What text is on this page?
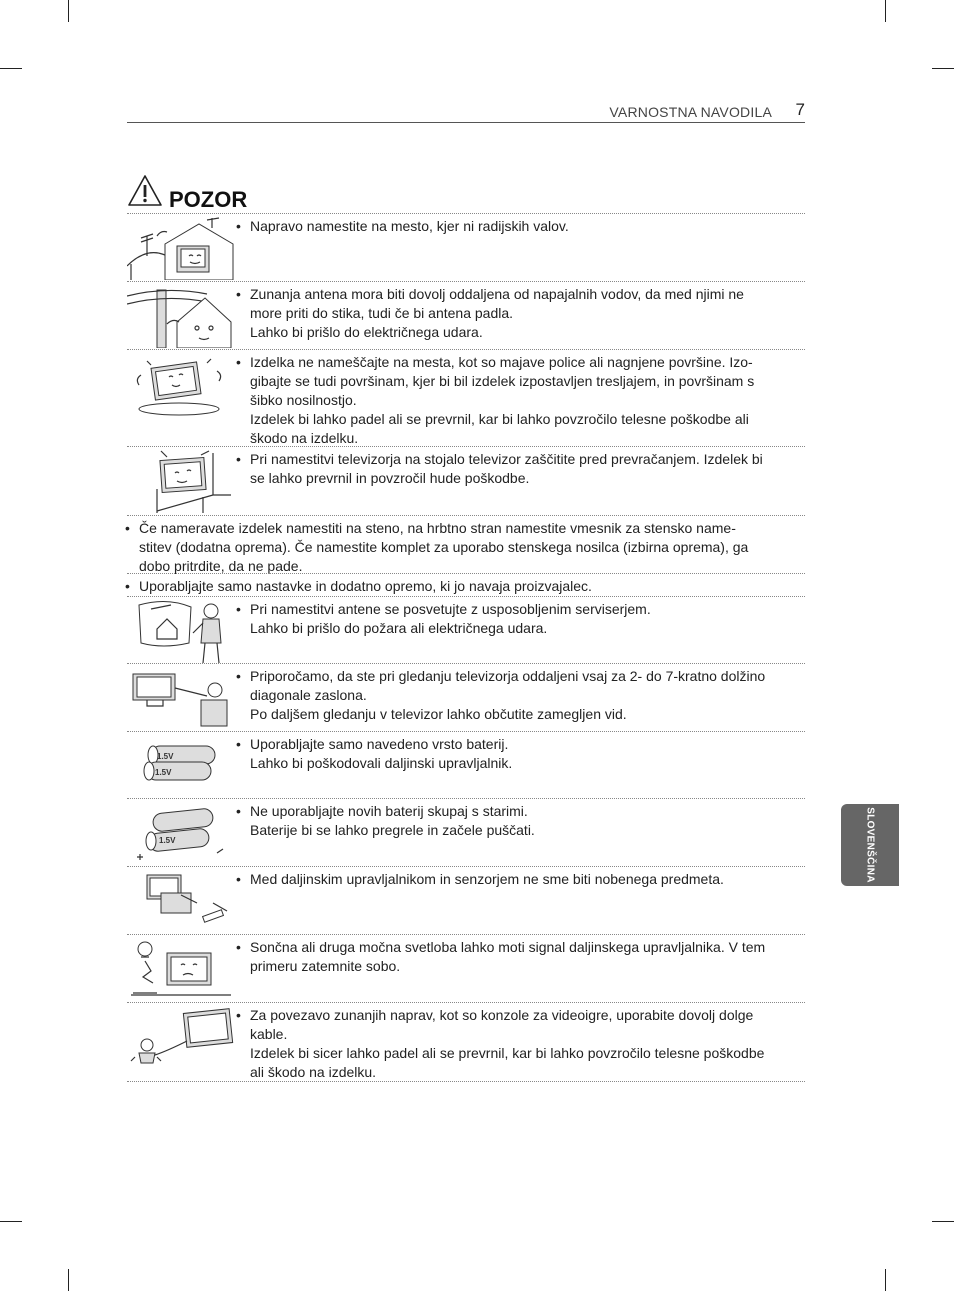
VARNOSTNA NAVODILA 7
POZOR
• Napravo namestite na mesto, kjer ni radijskih valov.
• Zunanja antena mora biti dovolj oddaljena od napajalnih vodov, da med njimi ne
more priti do stika, tudi če bi antena padla.
Lahko bi prišlo do električnega udara.
• Izdelka ne nameščajte na mesta, kot so majave police ali nagnjene površine. Izo-
gibajte se tudi površinam, kjer bi bil izdelek izpostavljen tresljajem, in površinam s
šibko nosilnostjo.
Izdelek bi lahko padel ali se prevrnil, kar bi lahko povzročilo telesne poškodbe ali
škodo na izdelku.
• Pri namestitvi televizorja na stojalo televizor zaščitite pred prevračanjem. Izdelek bi
se lahko prevrnil in povzročil hude poškodbe.
• Če nameravate izdelek namestiti na steno, na hrbtno stran namestite vmesnik za stensko name-
stitev (dodatna oprema). Če namestite komplet za uporabo stenskega nosilca (izbirna oprema), ga
dobo pritrdite, da ne pade.
• Uporabljajte samo nastavke in dodatno opremo, ki jo navaja proizvajalec.
• Pri namestitvi antene se posvetujte z usposobljenim serviserjem.
Lahko bi prišlo do požara ali električnega udara.
• Priporočamo, da ste pri gledanju televizorja oddaljeni vsaj za 2- do 7-kratno dolžino
diagonale zaslona.
Po daljšem gledanju v televizor lahko občutite zamegljen vid.
1.5V
1.5V
• Uporabljajte samo navedeno vrsto baterij.
Lahko bi poškodovali daljinski upravljalnik.
1.5V
• Ne uporabljajte novih baterij skupaj s starimi.
Baterije bi se lahko pregrele in začele puščati.
• Med daljinskim upravljalnikom in senzorjem ne sme biti nobenega predmeta.
• Sončna ali druga močna svetloba lahko moti signal daljinskega upravljalnika. V tem
primeru zatemnite sobo.
• Za povezavo zunanjih naprav, kot so konzole za videoigre, uporabite dovolj dolge
kable.
Izdelek bi sicer lahko padel ali se prevrnil, kar bi lahko povzročilo telesne poškodbe
ali škodo na izdelku.
SLOVENŠČINA
